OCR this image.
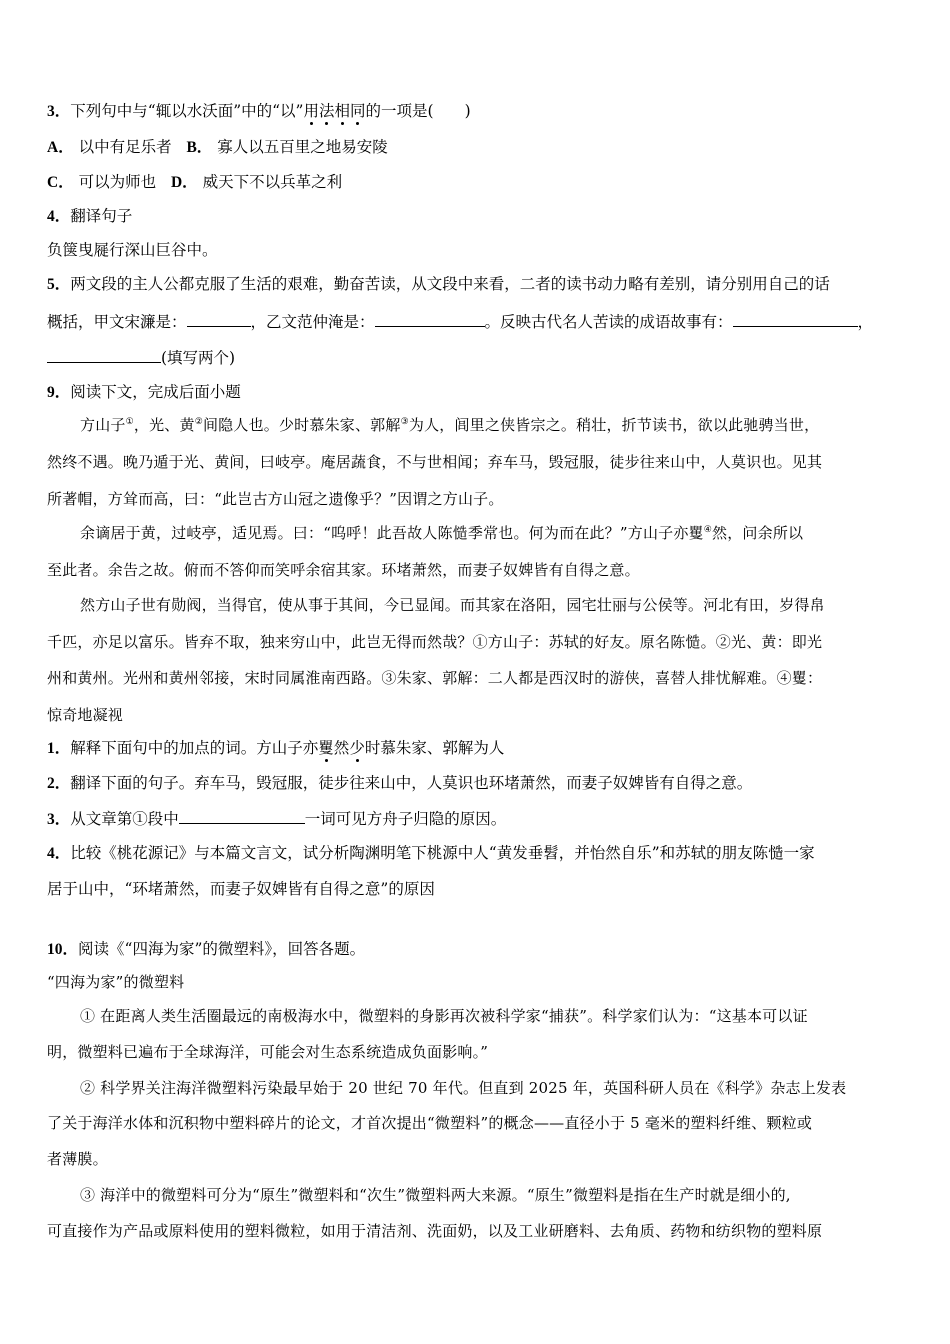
3．下列句中与“辄以水沃面”中的“以”用法相同的一项是(　　)
A． 以中有足乐者 B． 寡人以五百里之地易安陵
C． 可以为师也 D． 威天下不以兵革之利
4．翻译句子
负箧曳屣行深山巨谷中。
5．两文段的主人公都克服了生活的艰难，勤奋苦读，从文段中来看，二者的读书动力略有差别，请分别用自己的话
概括，甲文宋濂是：	，乙文范仲淹是：	。反映古代名人苦读的成语故事有：	，
(填写两个)
9．阅读下文，完成后面小题
方山子①，光、黄②间隐人也。少时慕朱家、郭解③为人，闾里之侠皆宗之。稍壮，折节读书，欲以此驰骋当世，
然终不遇。晚乃遁于光、黄间，曰岐亭。庵居蔬食，不与世相闻；弃车马，毁冠服，徒步往来山中，人莫识也。见其
所著帽，方耸而高，曰：“此岂古方山冠之遗像乎？”因谓之方山子。
余谪居于黄，过岐亭，适见焉。曰：“呜呼！此吾故人陈慥季常也。何为而在此？”方山子亦矍④然，问余所以
至此者。余告之故。俯而不答仰而笑呼余宿其家。环堵萧然，而妻子奴婢皆有自得之意。
然方山子世有勋阀，当得官，使从事于其间，今已显闻。而其家在洛阳，园宅壮丽与公侯等。河北有田，岁得帛
千匹，亦足以富乐。皆弃不取，独来穷山中，此岂无得而然哉？①方山子：苏轼的好友。原名陈慥。②光、黄：即光
州和黄州。光州和黄州邻接，宋时同属淮南西路。③朱家、郭解：二人都是西汉时的游侠，喜替人排忧解难。④矍：
惊奇地凝视
1．解释下面句中的加点的词。方山子亦矍然少时慕朱家、郭解为人
2．翻译下面的句子。弃车马，毁冠服，徒步往来山中，人莫识也环堵萧然，而妻子奴婢皆有自得之意。
3．从文章第①段中	一词可见方舟子归隐的原因。
4．比较《桃花源记》与本篇文言文，试分析陶渊明笔下桃源中人“黄发垂髫，并怡然自乐”和苏轼的朋友陈慥一家
居于山中，“环堵萧然，而妻子奴婢皆有自得之意”的原因
10．阅读《“四海为家”的微塑料》，回答各题。
“四海为家”的微塑料
① 在距离人类生活圈最远的南极海水中，微塑料的身影再次被科学家“捕获”。科学家们认为：“这基本可以证
明，微塑料已遍布于全球海洋，可能会对生态系统造成负面影响。”
② 科学界关注海洋微塑料污染最早始于 20 世纪 70 年代。但直到 2025 年，英国科研人员在《科学》杂志上发表
了关于海洋水体和沉积物中塑料碎片的论文，才首次提出“微塑料”的概念——直径小于 5 毫米的塑料纤维、颗粒或
者薄膜。
③ 海洋中的微塑料可分为“原生”微塑料和“次生”微塑料两大来源。“原生”微塑料是指在生产时就是细小的,
可直接作为产品或原料使用的塑料微粒，如用于清洁剂、洗面奶，以及工业研磨料、去角质、药物和纺织物的塑料原
